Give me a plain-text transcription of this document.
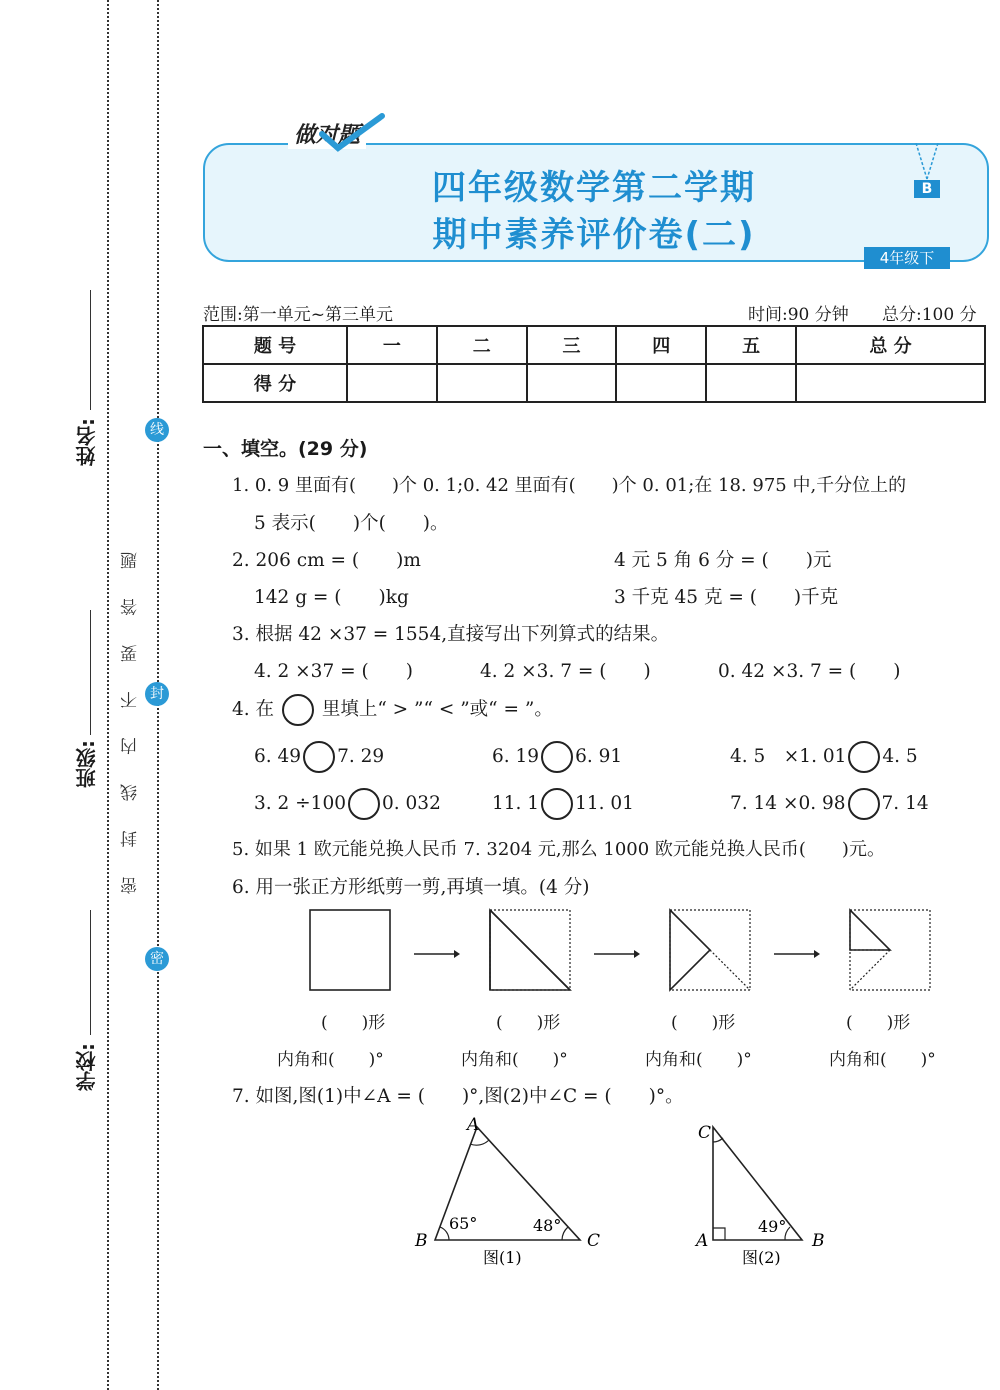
姓名:
班级:
学校:
线
封
密
密 封 线 内 不 要 答 题
做对题
四年级数学第二学期
期中素养评价卷(二)
B
4年级下
范围:第一单元~第三单元	时间:90 分钟 总分:100 分
题 号	一	二	三	四	五	总 分
得 分						
一、填空。(29 分)
1. 0. 9 里面有(　　)个 0. 1;0. 42 里面有(　　)个 0. 01;在 18. 975 中,千分位上的
5 表示(　　)个(　　)。
2. 206 cm = (　　)m	4 元 5 角 6 分 = (　　)元
142 g = (　　)kg	3 千克 45 克 = (　　)千克
3. 根据 42 ×37 = 1554,直接写出下列算式的结果。
4. 2 ×37 = (　　)	4. 2 ×3. 7 = (　　)	0. 42 ×3. 7 = (　　)
4. 在	里填上“ > ”“ < ”或“ = ”。
6. 49 7. 29	6. 19 6. 91	4. 5　×1. 01 4. 5
3. 2 ÷100 0. 032	11. 1 11. 01	7. 14 ×0. 98 7. 14
5. 如果 1 欧元能兑换人民币 7. 3204 元,那么 1000 欧元能兑换人民币(　　)元。
6. 用一张正方形纸剪一剪,再填一填。(4 分)
(　　)形	(　　)形	(　　)形	(　　)形
内角和(　　)°	内角和(　　)°	内角和(　　)°	内角和(　　)°
7. 如图,图(1)中∠A = (　　)°,图(2)中∠C = (　　)°。
A
B	C
65°	48°
图(1)
C
A	B
49°
图(2)
